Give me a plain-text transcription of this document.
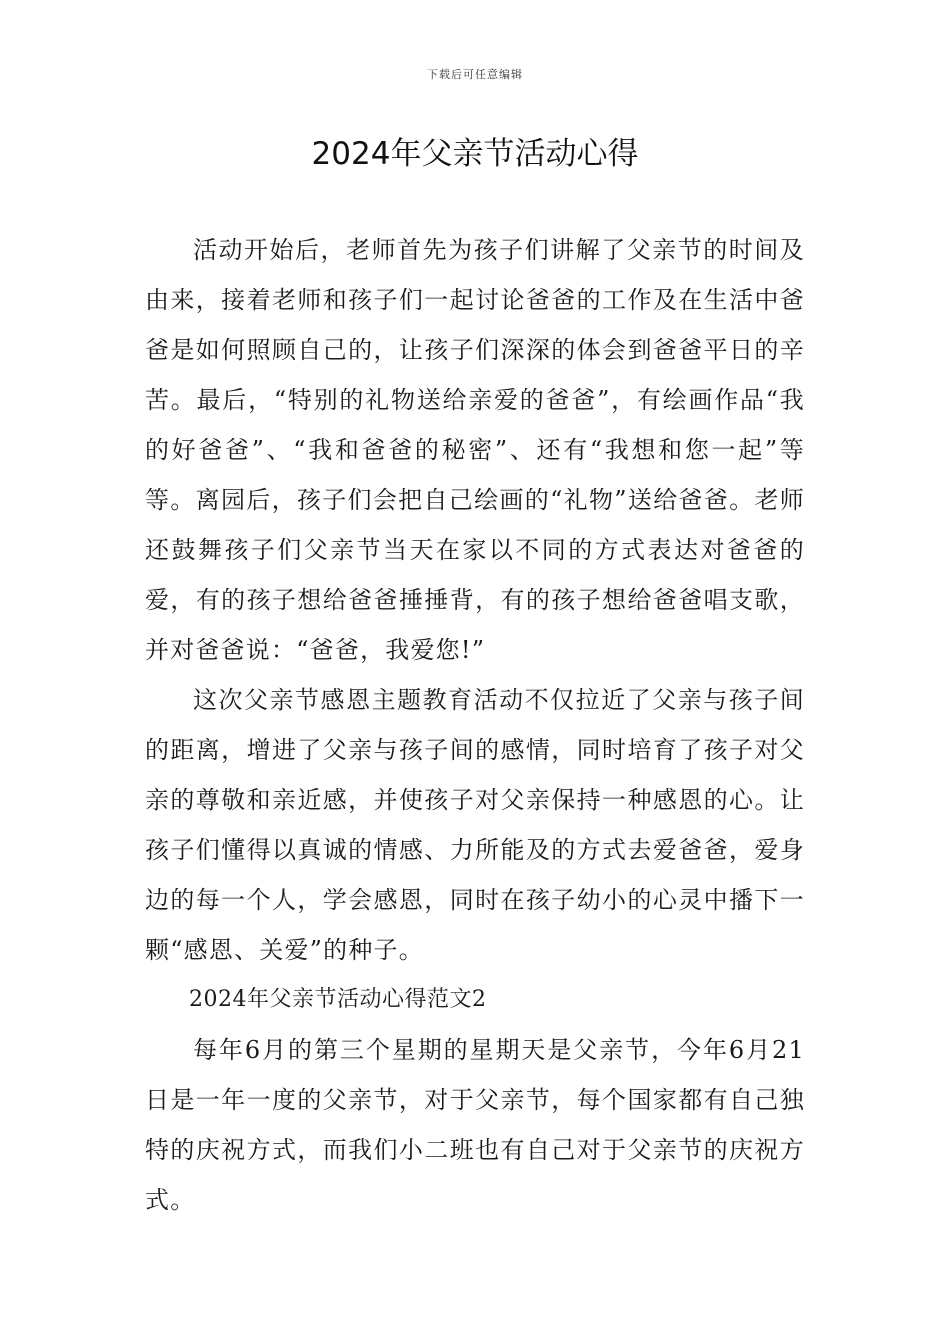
下载后可任意编辑
2024年父亲节活动心得

活动开始后，老师首先为孩子们讲解了父亲节的时间及由来，接着老师和孩子们一起讨论爸爸的工作及在生活中爸爸是如何照顾自己的，让孩子们深深的体会到爸爸平日的辛苦。最后，“特别的礼物送给亲爱的爸爸”，有绘画作品“我的好爸爸”、“我和爸爸的秘密”、还有“我想和您一起”等等。离园后，孩子们会把自己绘画的“礼物”送给爸爸。老师还鼓舞孩子们父亲节当天在家以不同的方式表达对爸爸的爱，有的孩子想给爸爸捶捶背，有的孩子想给爸爸唱支歌，并对爸爸说：“爸爸，我爱您!”

这次父亲节感恩主题教育活动不仅拉近了父亲与孩子间的距离，增进了父亲与孩子间的感情，同时培育了孩子对父亲的尊敬和亲近感，并使孩子对父亲保持一种感恩的心。让孩子们懂得以真诚的情感、力所能及的方式去爱爸爸，爱身边的每一个人，学会感恩，同时在孩子幼小的心灵中播下一颗“感恩、关爱”的种子。

2024年父亲节活动心得范文2

每年6月的第三个星期的星期天是父亲节，今年6月21日是一年一度的父亲节，对于父亲节，每个国家都有自己独特的庆祝方式，而我们小二班也有自己对于父亲节的庆祝方式。
